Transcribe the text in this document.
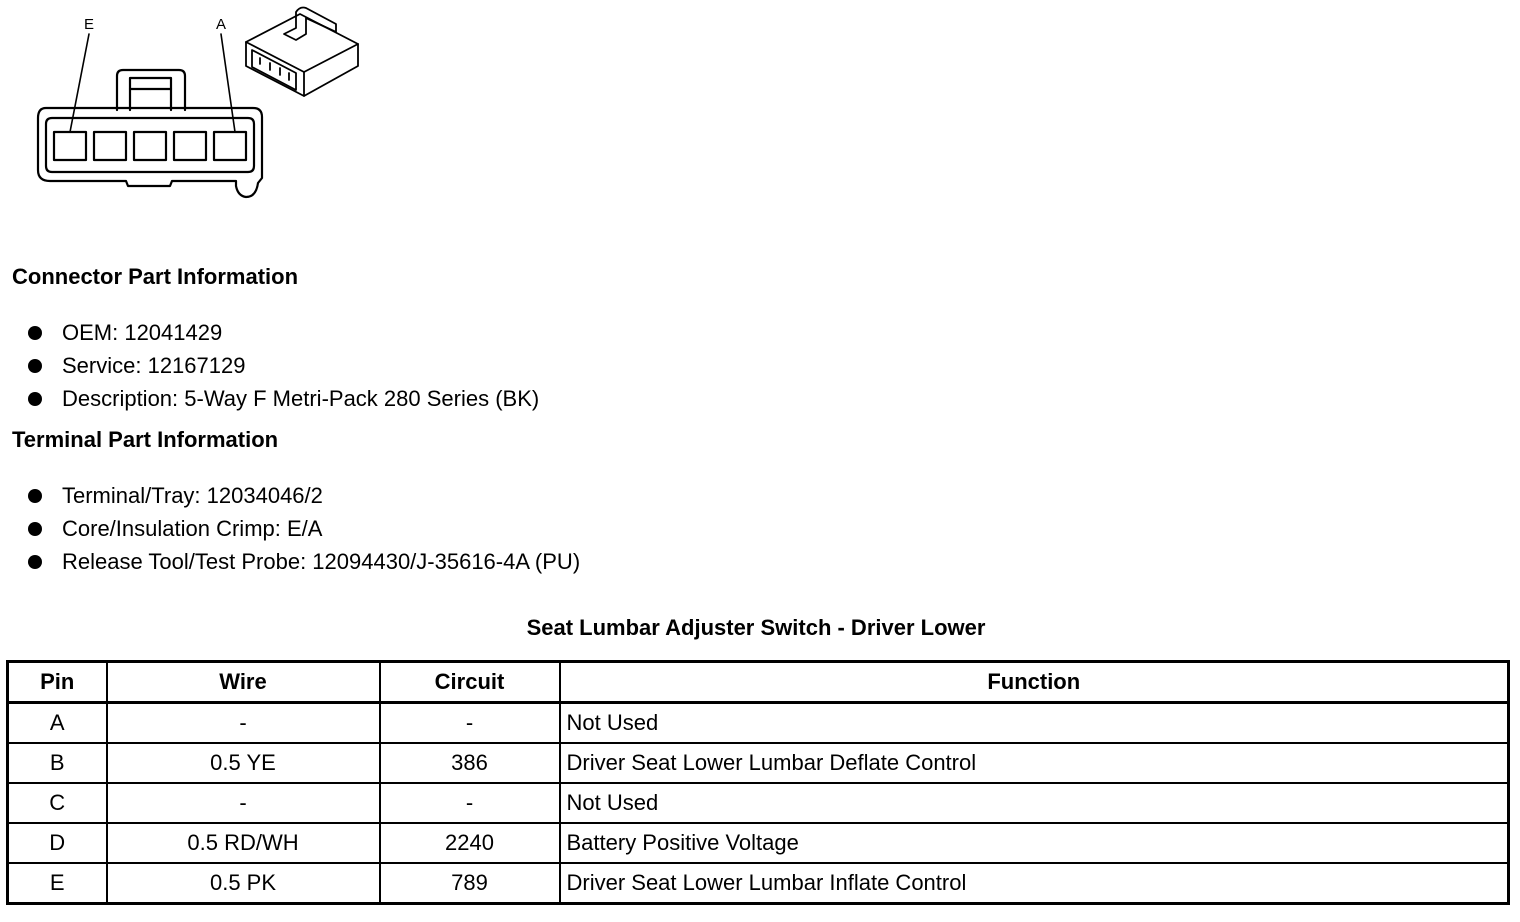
E	A
Connector Part Information
OEM: 12041429
Service: 12167129
Description: 5-Way F Metri-Pack 280 Series (BK)
Terminal Part Information
Terminal/Tray: 12034046/2
Core/Insulation Crimp: E/A
Release Tool/Test Probe: 12094430/J-35616-4A (PU)
Seat Lumbar Adjuster Switch - Driver Lower
Pin	Wire	Circuit	Function
A	-	-	Not Used
B	0.5 YE	386	Driver Seat Lower Lumbar Deflate Control
C	-	-	Not Used
D	0.5 RD/WH	2240	Battery Positive Voltage
E	0.5 PK	789	Driver Seat Lower Lumbar Inflate Control
